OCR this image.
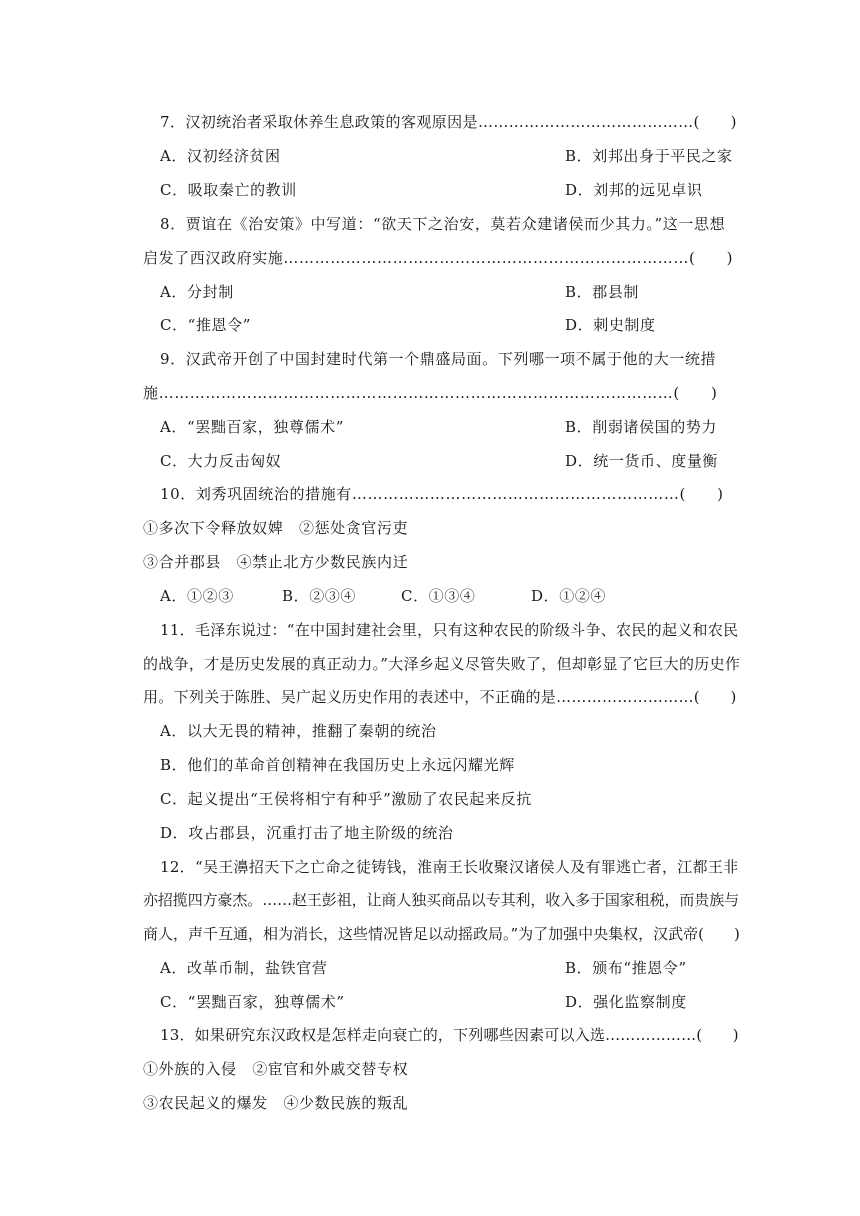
7．汉初统治者采取休养生息政策的客观原因是……………………………………(　　)
A．汉初经济贫困	B．刘邦出身于平民之家
C．吸取秦亡的教训	D．刘邦的远见卓识
8．贾谊在《治安策》中写道：“欲天下之治安，莫若众建诸侯而少其力。”这一思想
启发了西汉政府实施……………………………………………………………………(　　)
A．分封制	B．郡县制
C．“推恩令”	D．刺史制度
9．汉武帝开创了中国封建时代第一个鼎盛局面。下列哪一项不属于他的大一统措
施………………………………………………………………………………………(　　)
A．“罢黜百家，独尊儒术”	B．削弱诸侯国的势力
C．大力反击匈奴	D．统一货币、度量衡
10．刘秀巩固统治的措施有………………………………………………………(　　)
①多次下令释放奴婢　②惩处贪官污吏
③合并郡县　④禁止北方少数民族内迁
A．①②③	B．②③④	C．①③④	D．①②④
11．毛泽东说过：“在中国封建社会里，只有这种农民的阶级斗争、农民的起义和农民
的战争，才是历史发展的真正动力。”大泽乡起义尽管失败了，但却彰显了它巨大的历史作
用。下列关于陈胜、吴广起义历史作用的表述中，不正确的是………………………(　　)
A．以大无畏的精神，推翻了秦朝的统治
B．他们的革命首创精神在我国历史上永远闪耀光辉
C．起义提出“王侯将相宁有种乎”激励了农民起来反抗
D．攻占郡县，沉重打击了地主阶级的统治
12．“吴王濞招天下之亡命之徒铸钱，淮南王长收聚汉诸侯人及有罪逃亡者，江都王非
亦招揽四方豪杰。……赵王彭祖，让商人独买商品以专其利，收入多于国家租税，而贵族与
商人，声千互通，相为消长，这些情况皆足以动摇政局。”为了加强中央集权，汉武帝(　　)
A．改革币制，盐铁官营	B．颁布“推恩令”
C．“罢黜百家，独尊儒术”	D．强化监察制度
13．如果研究东汉政权是怎样走向衰亡的，下列哪些因素可以入选………………(　　)
①外族的入侵　②宦官和外戚交替专权
③农民起义的爆发　④少数民族的叛乱
